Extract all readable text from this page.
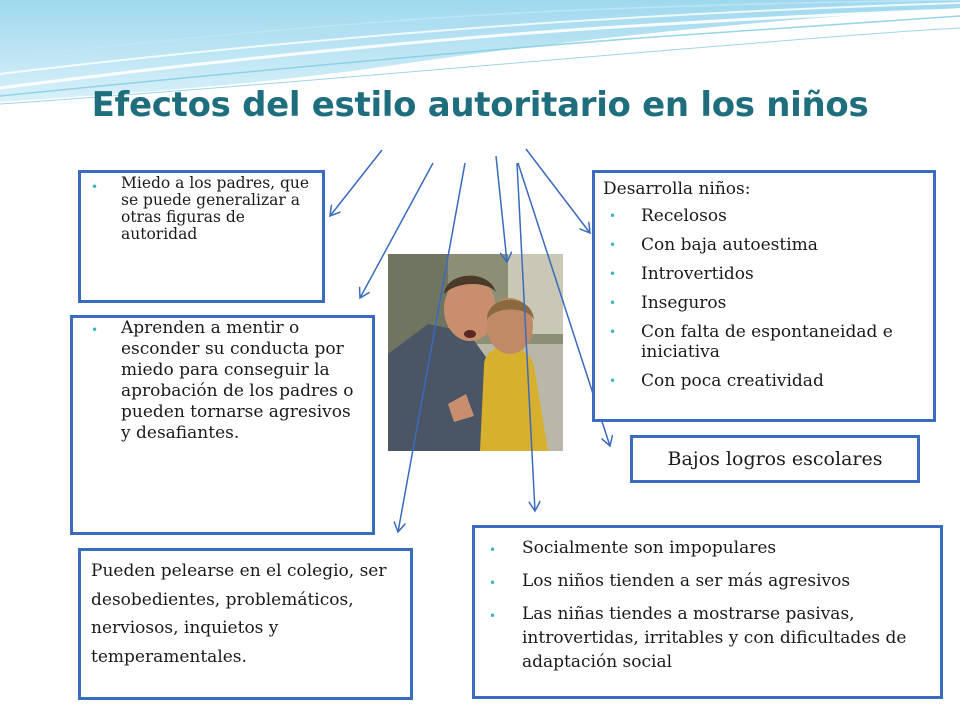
Efectos del estilo autoritario en los niños
• Miedo a los padres, que se puede generalizar a otras figuras de autoridad
• Aprenden a mentir o esconder su conducta por miedo para conseguir la aprobación de los padres o pueden tornarse agresivos y desafiantes.

Pueden pelearse en el colegio, ser desobedientes, problemáticos, nerviosos, inquietos y temperamentales.

Desarrolla niños:
• Recelosos
• Con baja autoestima
• Introvertidos
• Inseguros
• Con falta de espontaneidad e iniciativa
• Con poca creatividad
Bajos logros escolares
• Socialmente son impopulares
• Los niños tienden a ser más agresivos
• Las niñas tiendes a mostrarse pasivas, introvertidas, irritables y con dificultades de adaptación social
